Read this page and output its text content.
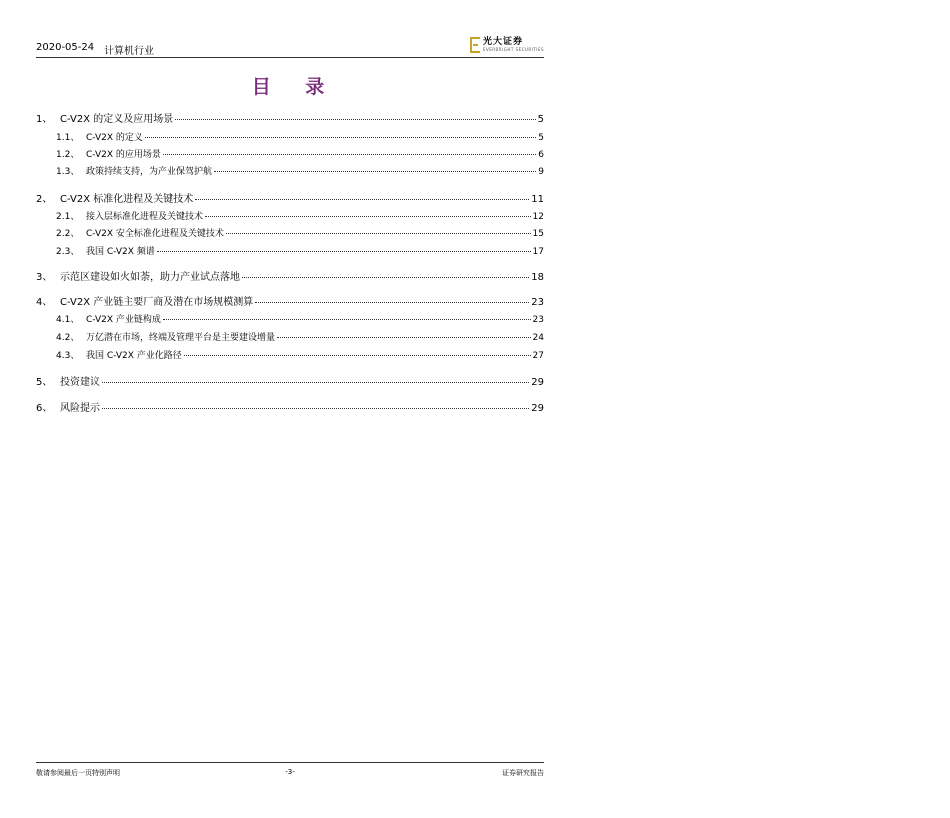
2020-05-24 计算机行业
光大证券
EVERBRIGHT SECURITIES
目 录
1、 C-V2X 的定义及应用场景	5
1.1、 C-V2X 的定义	5
1.2、 C-V2X 的应用场景	6
1.3、 政策持续支持，为产业保驾护航	9
2、 C-V2X 标准化进程及关键技术	11
2.1、 接入层标准化进程及关键技术	12
2.2、 C-V2X 安全标准化进程及关键技术	15
2.3、 我国 C-V2X 频谱	17
3、 示范区建设如火如荼，助力产业试点落地	18
4、 C-V2X 产业链主要厂商及潜在市场规模测算	23
4.1、 C-V2X 产业链构成	23
4.2、 万亿潜在市场，终端及管理平台是主要建设增量	24
4.3、 我国 C-V2X 产业化路径	27
5、 投资建议	29
6、 风险提示	29
敬请参阅最后一页特别声明	-3-	证券研究报告
